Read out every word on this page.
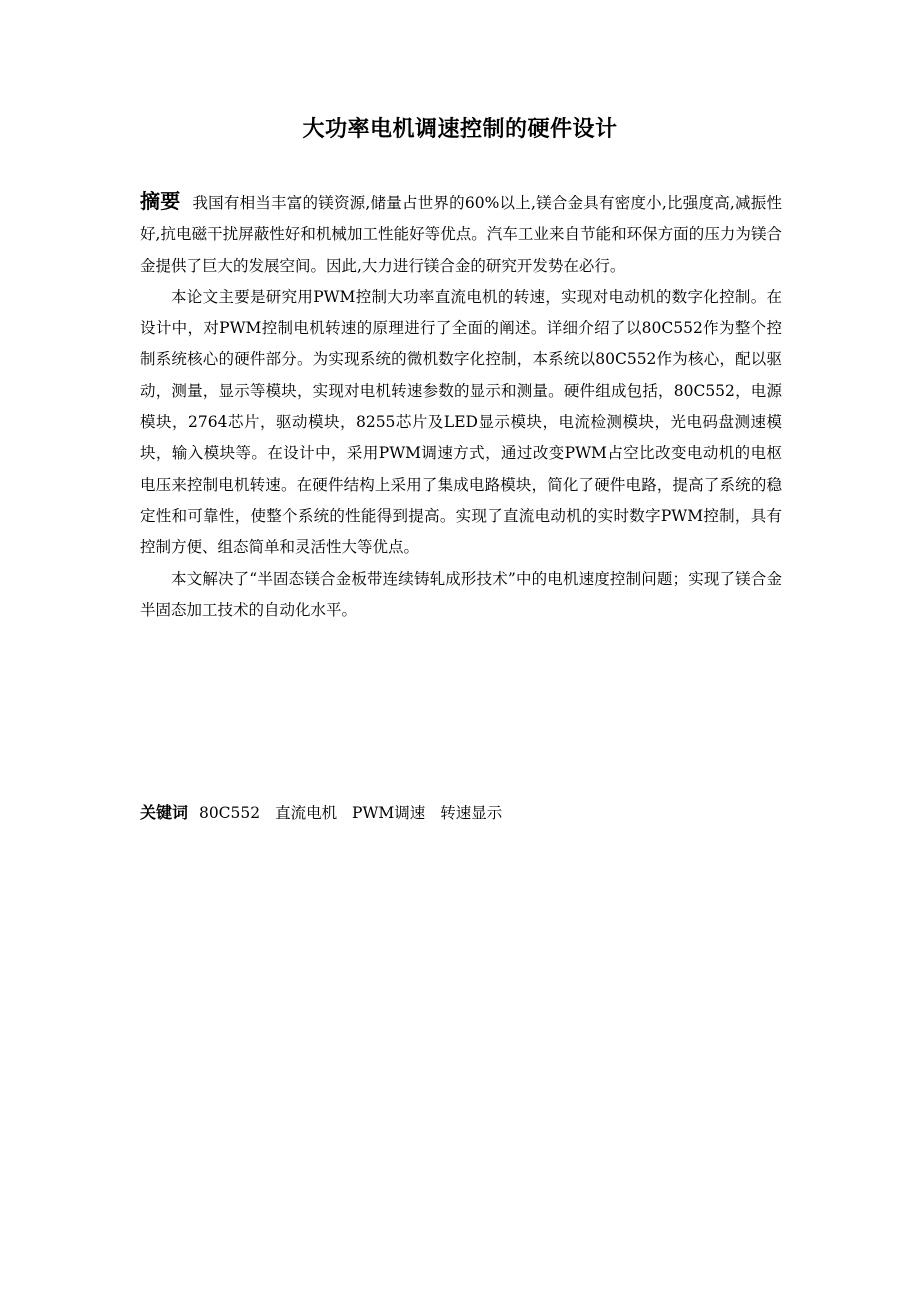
大功率电机调速控制的硬件设计

摘要 我国有相当丰富的镁资源,储量占世界的60%以上,镁合金具有密度小,比强度高,减振性好,抗电磁干扰屏蔽性好和机械加工性能好等优点。汽车工业来自节能和环保方面的压力为镁合金提供了巨大的发展空间。因此,大力进行镁合金的研究开发势在必行。

本论文主要是研究用PWM控制大功率直流电机的转速，实现对电动机的数字化控制。在设计中，对PWM控制电机转速的原理进行了全面的阐述。详细介绍了以80C552作为整个控制系统核心的硬件部分。为实现系统的微机数字化控制，本系统以80C552作为核心，配以驱动，测量，显示等模块，实现对电机转速参数的显示和测量。硬件组成包括，80C552，电源模块，2764芯片，驱动模块，8255芯片及LED显示模块，电流检测模块，光电码盘测速模块，输入模块等。在设计中，采用PWM调速方式，通过改变PWM占空比改变电动机的电枢电压来控制电机转速。在硬件结构上采用了集成电路模块，简化了硬件电路，提高了系统的稳定性和可靠性，使整个系统的性能得到提高。实现了直流电动机的实时数字PWM控制，具有控制方便、组态简单和灵活性大等优点。

本文解决了“半固态镁合金板带连续铸轧成形技术”中的电机速度控制问题；实现了镁合金半固态加工技术的自动化水平。

关键词 80C552 直流电机 PWM调速 转速显示
